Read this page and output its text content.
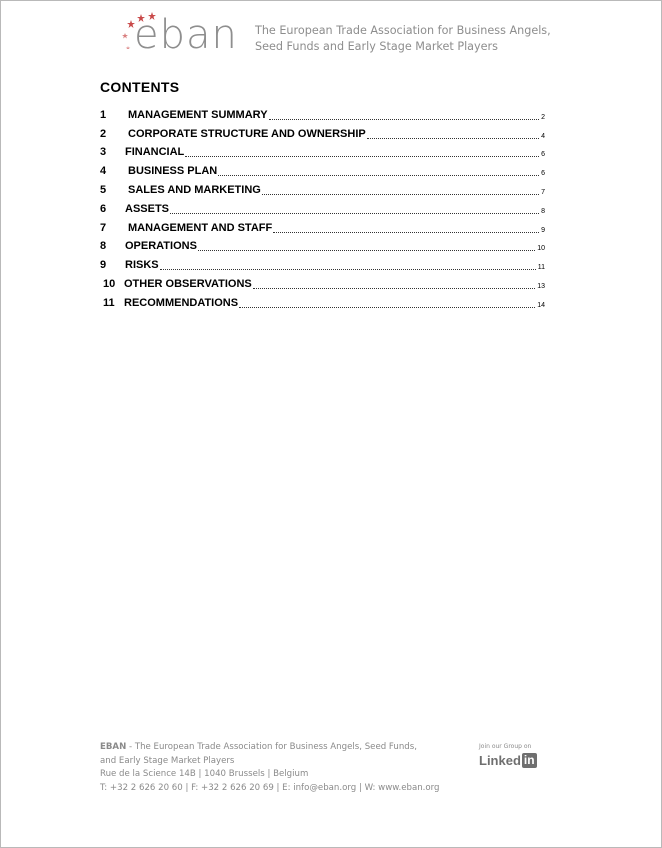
eban The European Trade Association for Business Angels,
Seed Funds and Early Stage Market Players
CONTENTS
1 MANAGEMENT SUMMARY	2
2 CORPORATE STRUCTURE AND OWNERSHIP	4
3 FINANCIAL	6
4 BUSINESS PLAN	6
5 SALES AND MARKETING	7
6 ASSETS	8
7 MANAGEMENT AND STAFF	9
8 OPERATIONS	10
9 RISKS	11
10 OTHER OBSERVATIONS	13
11 RECOMMENDATIONS	14
EBAN - The European Trade Association for Business Angels, Seed Funds,
and Early Stage Market Players
Rue de la Science 14B | 1040 Brussels | Belgium
T: +32 2 626 20 60 | F: +32 2 626 20 69 | E: info@eban.org | W: www.eban.org
Join our Group on
Linked in
